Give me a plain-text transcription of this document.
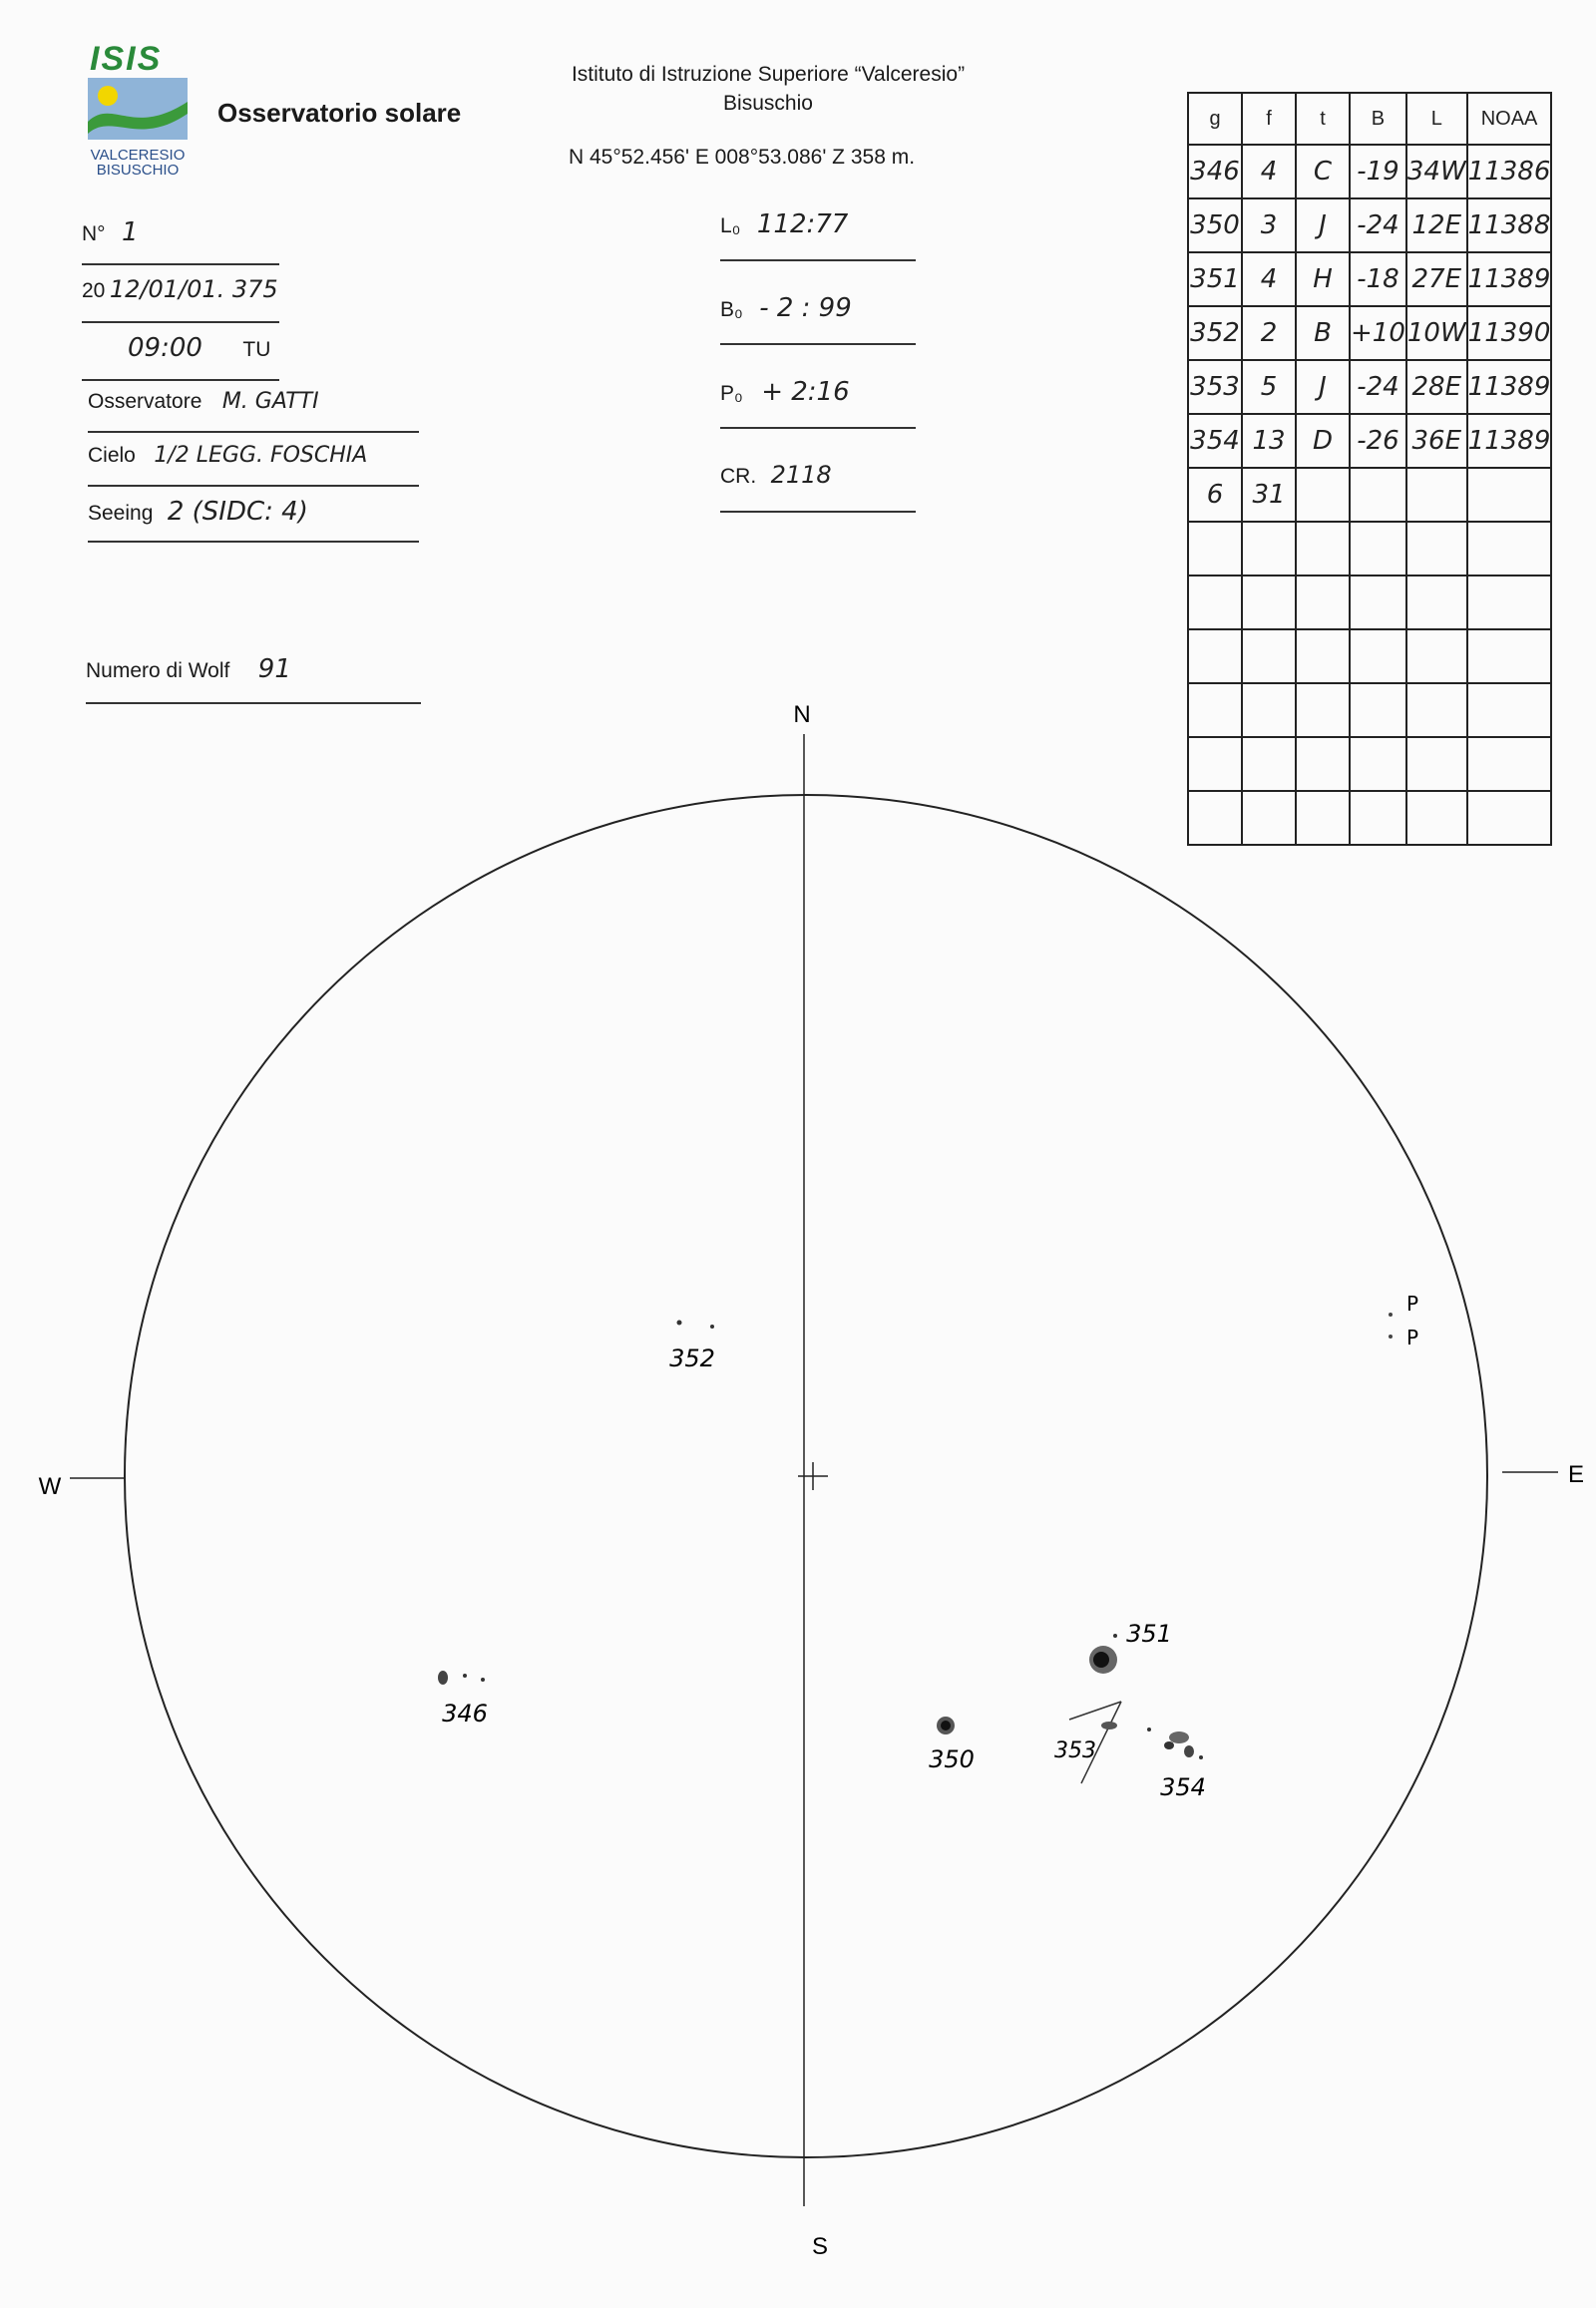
ISIS
VALCERESIO
BISUSCHIO
Osservatorio solare
Istituto di Istruzione Superiore “Valceresio”
Bisuschio
N 45°52.456' E 008°53.086' Z 358 m.
N° 1
20 12/01/01. 375
09:00 TU
Osservatore M. GATTI
Cielo 1/2 LEGG. FOSCHIA
Seeing 2 (SIDC: 4)
Numero di Wolf 91
L₀ 112:77
B₀ - 2 : 99
P₀ + 2:16
CR. 2118
g	f	t	B	L	NOAA
346	4	C	-19	34W	11386
350	3	J	-24	12E	11388
351	4	H	-18	27E	11389
352	2	B	+10	10W	11390
353	5	J	-24	28E	11389
354	13	D	-26	36E	11389
6	31				

N
S
W	E
352
346
350
351
353
354
P
P
